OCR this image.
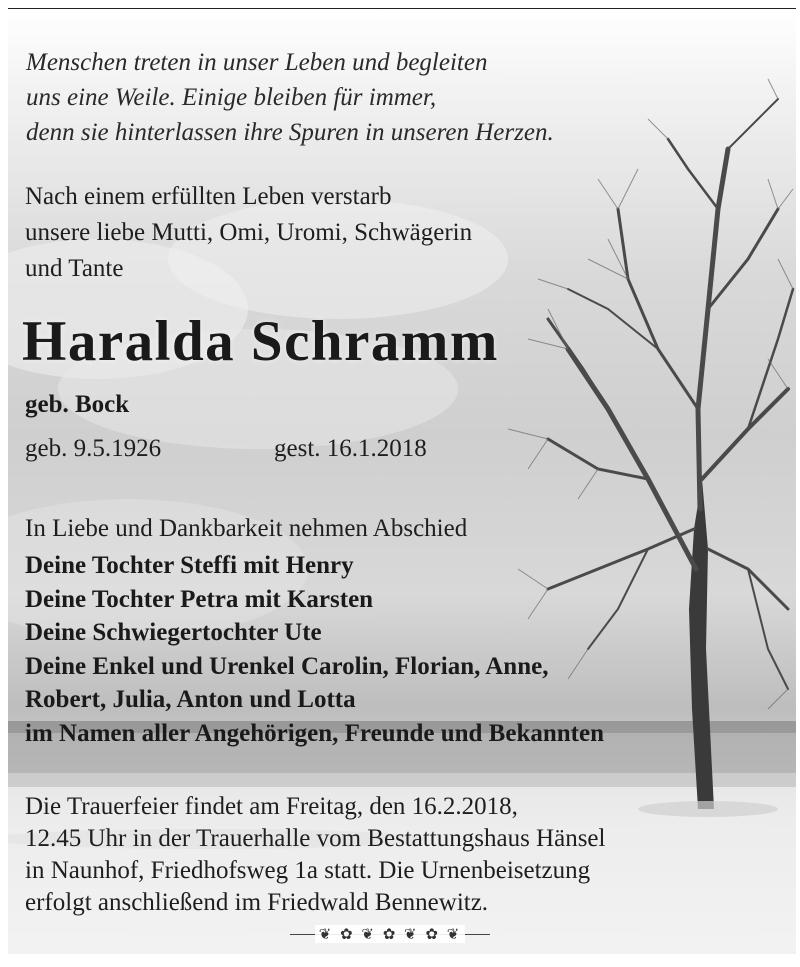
Menschen treten in unser Leben und begleiten
uns eine Weile. Einige bleiben für immer,
denn sie hinterlassen ihre Spuren in unseren Herzen.
Nach einem erfüllten Leben verstarb
unsere liebe Mutti, Omi, Uromi, Schwägerin
und Tante
Haralda Schramm
geb. Bock
geb. 9.5.1926	gest. 16.1.2018
In Liebe und Dankbarkeit nehmen Abschied
Deine Tochter Steffi mit Henry
Deine Tochter Petra mit Karsten
Deine Schwiegertochter Ute
Deine Enkel und Urenkel Carolin, Florian, Anne,
Robert, Julia, Anton und Lotta
im Namen aller Angehörigen, Freunde und Bekannten
Die Trauerfeier findet am Freitag, den 16.2.2018,
12.45 Uhr in der Trauerhalle vom Bestattungshaus Hänsel
in Naunhof, Friedhofsweg 1a statt. Die Urnenbeisetzung
erfolgt anschließend im Friedwald Bennewitz.
❦ ✿ ❦ ✿ ❦ ✿ ❦
